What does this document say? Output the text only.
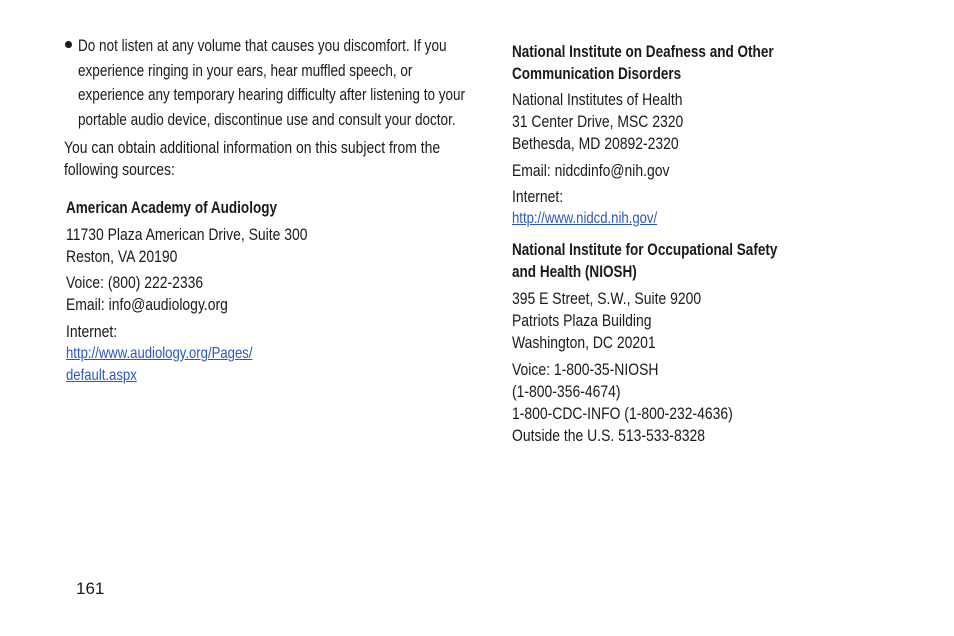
Do not listen at any volume that causes you discomfort. If you
experience ringing in your ears, hear muffled speech, or
experience any temporary hearing difficulty after listening to your
portable audio device, discontinue use and consult your doctor.
You can obtain additional information on this subject from the
following sources:
American Academy of Audiology
11730 Plaza American Drive, Suite 300
Reston, VA 20190
Voice: (800) 222-2336
Email: info@audiology.org
Internet:
http://www.audiology.org/Pages/
default.aspx
National Institute on Deafness and Other
Communication Disorders
National Institutes of Health
31 Center Drive, MSC 2320
Bethesda, MD 20892-2320
Email: nidcdinfo@nih.gov
Internet:
http://www.nidcd.nih.gov/
National Institute for Occupational Safety
and Health (NIOSH)
395 E Street, S.W., Suite 9200
Patriots Plaza Building
Washington, DC 20201
Voice: 1-800-35-NIOSH
(1-800-356-4674)
1-800-CDC-INFO (1-800-232-4636)
Outside the U.S. 513-533-8328
161
